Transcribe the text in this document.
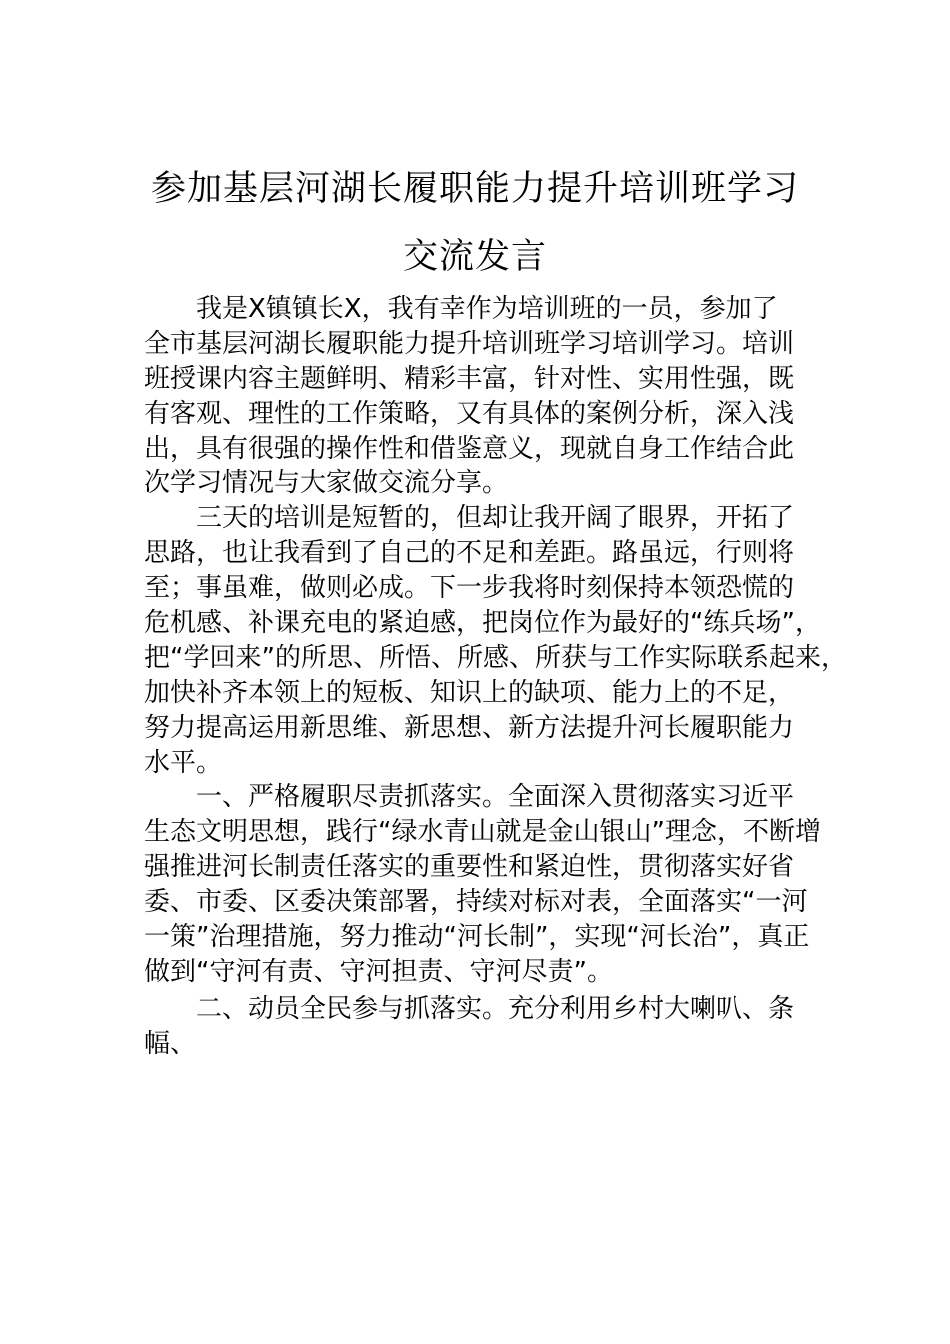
参加基层河湖长履职能力提升培训班学习
交流发言
我是X镇镇长X，我有幸作为培训班的一员，参加了
全市基层河湖长履职能力提升培训班学习培训学习。培训
班授课内容主题鲜明、精彩丰富，针对性、实用性强，既
有客观、理性的工作策略，又有具体的案例分析，深入浅
出，具有很强的操作性和借鉴意义，现就自身工作结合此
次学习情况与大家做交流分享。
三天的培训是短暂的，但却让我开阔了眼界，开拓了
思路，也让我看到了自己的不足和差距。路虽远，行则将
至；事虽难，做则必成。下一步我将时刻保持本领恐慌的
危机感、补课充电的紧迫感，把岗位作为最好的“练兵场”，
把“学回来”的所思、所悟、所感、所获与工作实际联系起来，
加快补齐本领上的短板、知识上的缺项、能力上的不足，
努力提高运用新思维、新思想、新方法提升河长履职能力
水平。
一、严格履职尽责抓落实。全面深入贯彻落实习近平
生态文明思想，践行“绿水青山就是金山银山”理念，不断增
强推进河长制责任落实的重要性和紧迫性，贯彻落实好省
委、市委、区委决策部署，持续对标对表，全面落实“一河
一策”治理措施，努力推动“河长制”，实现“河长治”，真正
做到“守河有责、守河担责、守河尽责”。
二、动员全民参与抓落实。充分利用乡村大喇叭、条
幅、
